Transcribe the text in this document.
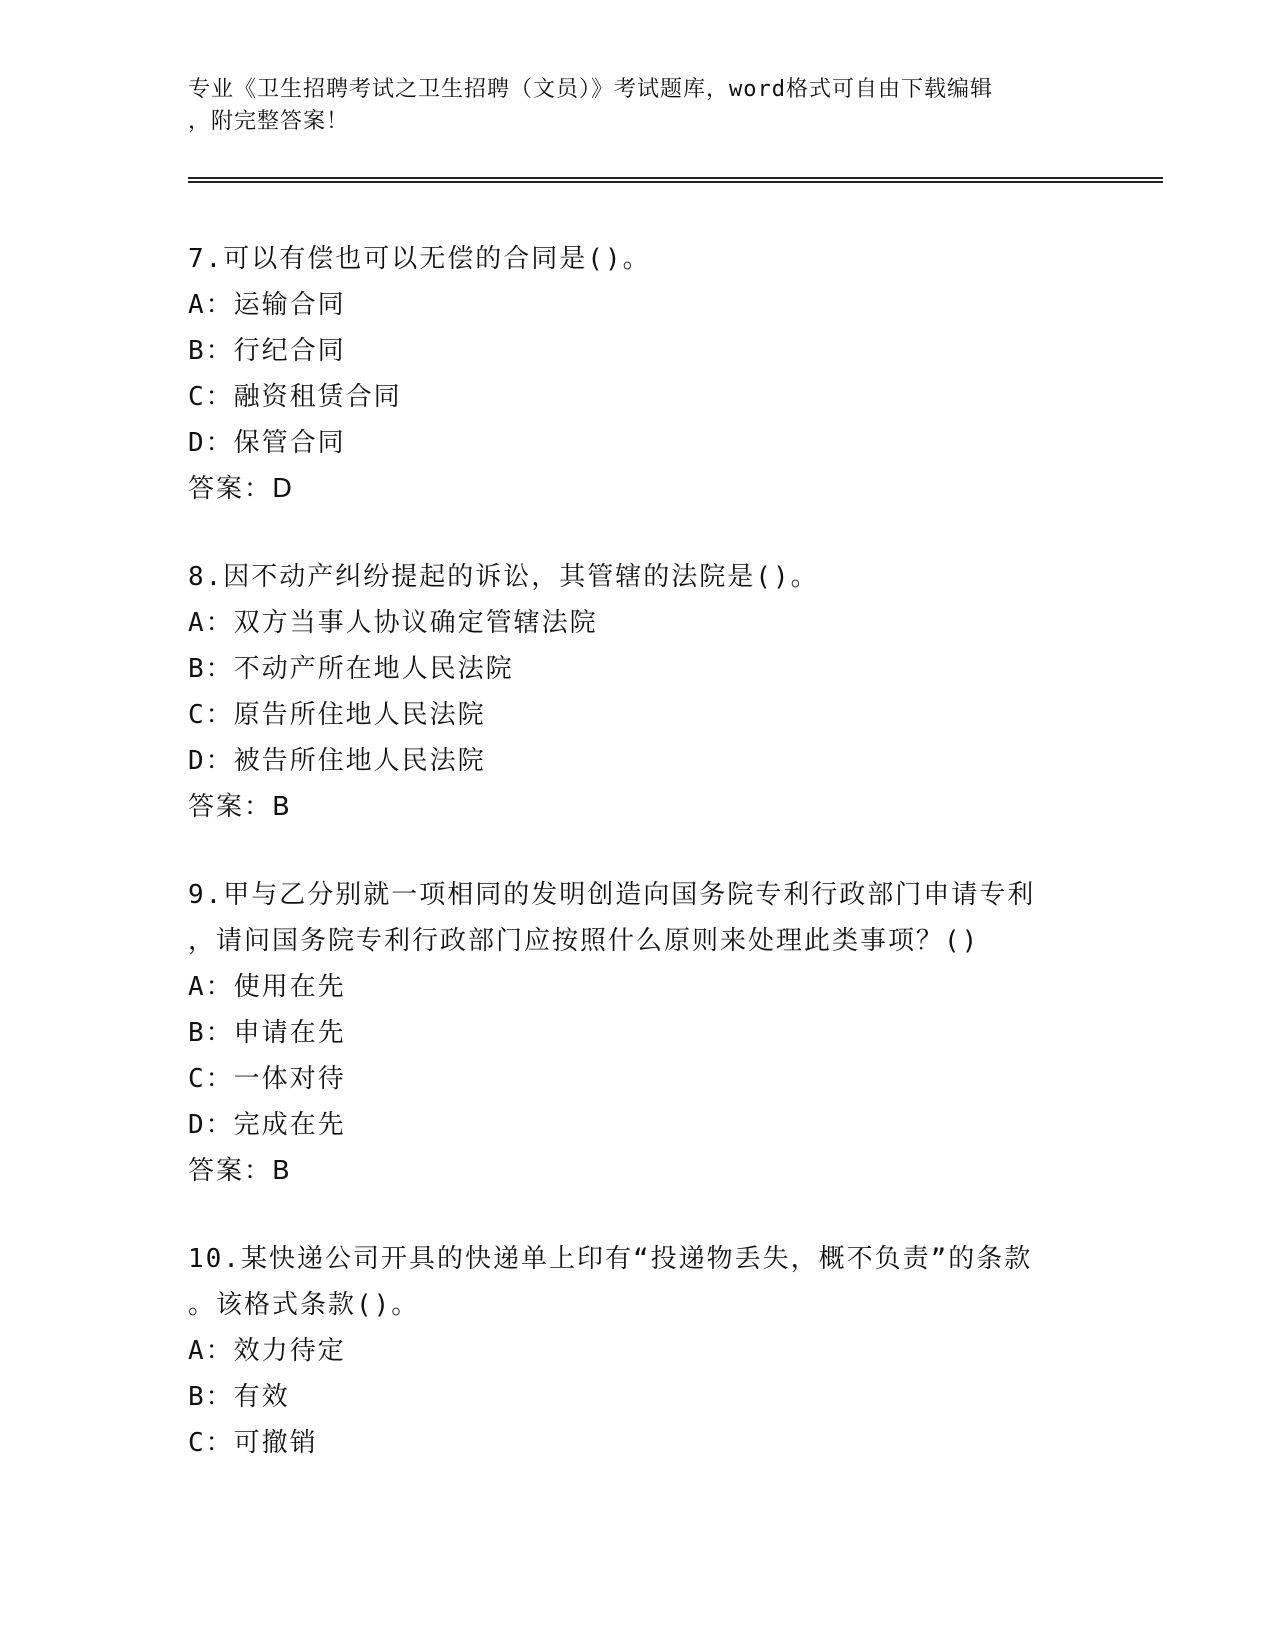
专业《卫生招聘考试之卫生招聘（文员）》考试题库，word格式可自由下载编辑
，附完整答案！
7.可以有偿也可以无偿的合同是()。
A：运输合同
B：行纪合同
C：融资租赁合同
D：保管合同
答案：D
8.因不动产纠纷提起的诉讼，其管辖的法院是()。
A：双方当事人协议确定管辖法院
B：不动产所在地人民法院
C：原告所住地人民法院
D：被告所住地人民法院
答案：B
9.甲与乙分别就一项相同的发明创造向国务院专利行政部门申请专利
，请问国务院专利行政部门应按照什么原则来处理此类事项？()
A：使用在先
B：申请在先
C：一体对待
D：完成在先
答案：B
10.某快递公司开具的快递单上印有“投递物丢失，概不负责”的条款
。该格式条款()。
A：效力待定
B：有效
C：可撤销
